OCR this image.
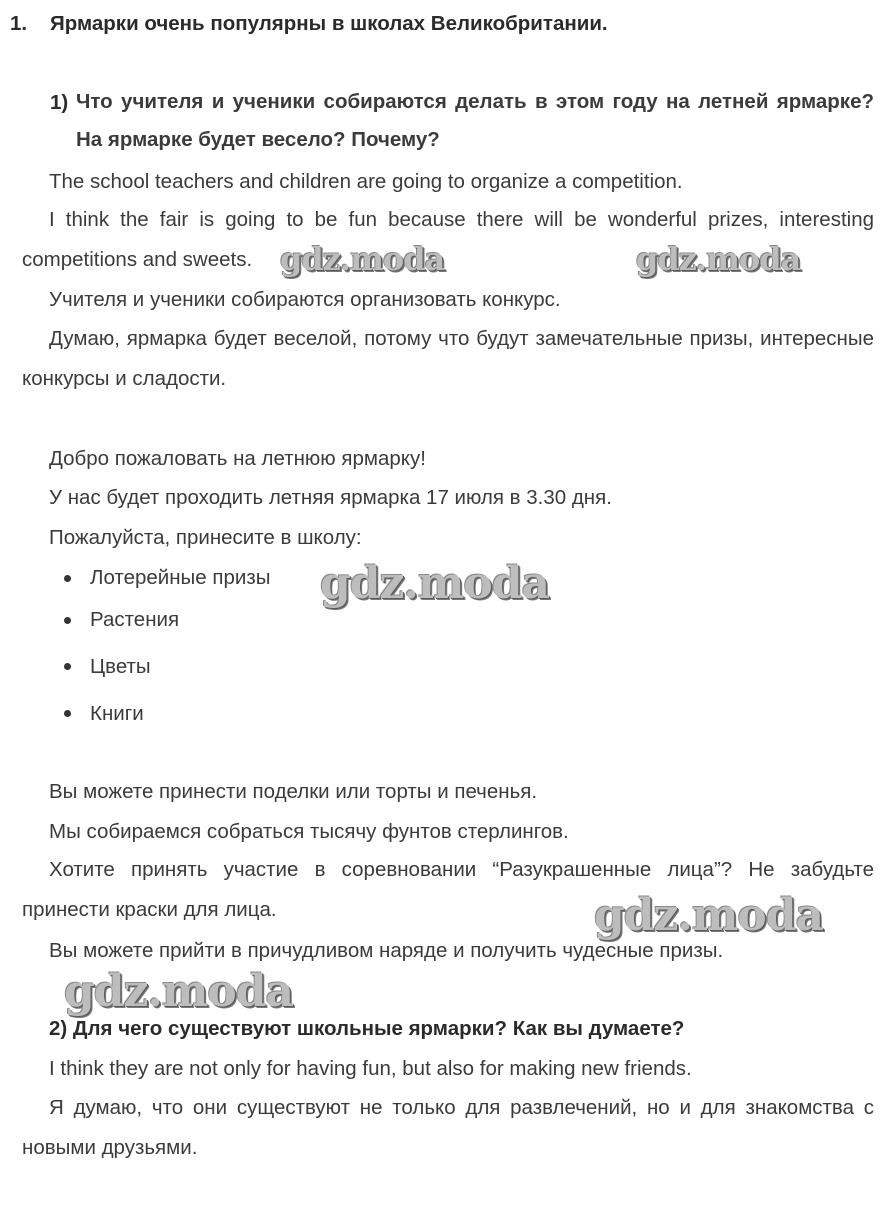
1. Ярмарки очень популярны в школах Великобритании.
1) Что учителя и ученики собираются делать в этом году на летней ярмарке? На ярмарке будет весело? Почему?
The school teachers and children are going to organize a competition.
I think the fair is going to be fun because there will be wonderful prizes, interesting competitions and sweets.
Учителя и ученики собираются организовать конкурс.
Думаю, ярмарка будет веселой, потому что будут замечательные призы, интересные конкурсы и сладости.
Добро пожаловать на летнюю ярмарку!
У нас будет проходить летняя ярмарка 17 июля в 3.30 дня.
Пожалуйста, принесите в школу:
Лотерейные призы
Растения
Цветы
Книги
Вы можете принести поделки или торты и печенья.
Мы собираемся собраться тысячу фунтов стерлингов.
Хотите принять участие в соревновании “Разукрашенные лица”? Не забудьте принести краски для лица.
Вы можете прийти в причудливом наряде и получить чудесные призы.
2) Для чего существуют школьные ярмарки? Как вы думаете?
I think they are not only for having fun, but also for making new friends.
Я думаю, что они существуют не только для развлечений, но и для знакомства с новыми друзьями.
gdz.moda	gdz.moda
gdz.moda
gdz.moda
gdz.moda
